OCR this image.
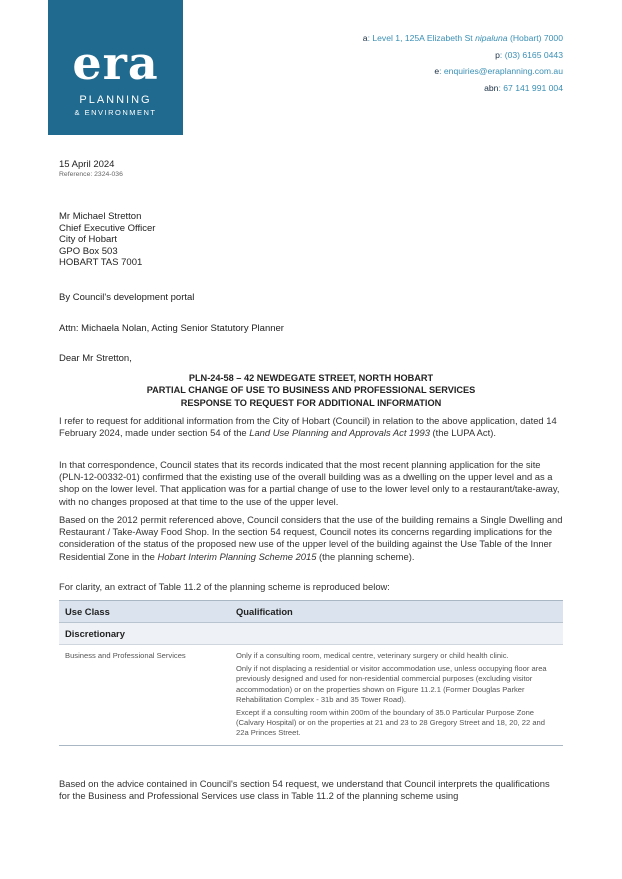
era
PLANNING
& ENVIRONMENT
a: Level 1, 125A Elizabeth St nipaluna (Hobart) 7000
p: (03) 6165 0443
e: enquiries@eraplanning.com.au
abn: 67 141 991 004
15 April 2024
Reference: 2324-036
Mr Michael Stretton
Chief Executive Officer
City of Hobart
GPO Box 503
HOBART TAS 7001
By Council's development portal
Attn: Michaela Nolan, Acting Senior Statutory Planner
Dear Mr Stretton,
PLN-24-58 – 42 NEWDEGATE STREET, NORTH HOBART
PARTIAL CHANGE OF USE TO BUSINESS AND PROFESSIONAL SERVICES
RESPONSE TO REQUEST FOR ADDITIONAL INFORMATION
I refer to request for additional information from the City of Hobart (Council) in relation to the above application, dated 14 February 2024, made under section 54 of the Land Use Planning and Approvals Act 1993 (the LUPA Act).
In that correspondence, Council states that its records indicated that the most recent planning application for the site (PLN-12-00332-01) confirmed that the existing use of the overall building was as a dwelling on the upper level and as a shop on the lower level. That application was for a partial change of use to the lower level only to a restaurant/take-away, with no changes proposed at that time to the use of the upper level.
Based on the 2012 permit referenced above, Council considers that the use of the building remains a Single Dwelling and Restaurant / Take-Away Food Shop. In the section 54 request, Council notes its concerns regarding implications for the consideration of the status of the proposed new use of the upper level of the building against the Use Table of the Inner Residential Zone in the Hobart Interim Planning Scheme 2015 (the planning scheme).
For clarity, an extract of Table 11.2 of the planning scheme is reproduced below:
Use Class	Qualification
Discretionary	
Business and Professional Services	Only if a consulting room, medical centre, veterinary surgery or child health clinic.

Only if not displacing a residential or visitor accommodation use, unless occupying floor area previously designed and used for non-residential commercial purposes (excluding visitor accommodation) or on the properties shown on Figure 11.2.1 (Former Douglas Parker Rehabilitation Complex - 31b and 35 Tower Road).

Except if a consulting room within 200m of the boundary of 35.0 Particular Purpose Zone (Calvary Hospital) or on the properties at 21 and 23 to 28 Gregory Street and 18, 20, 22 and 22a Princes Street.

Based on the advice contained in Council's section 54 request, we understand that Council interprets the qualifications for the Business and Professional Services use class in Table 11.2 of the planning scheme using
